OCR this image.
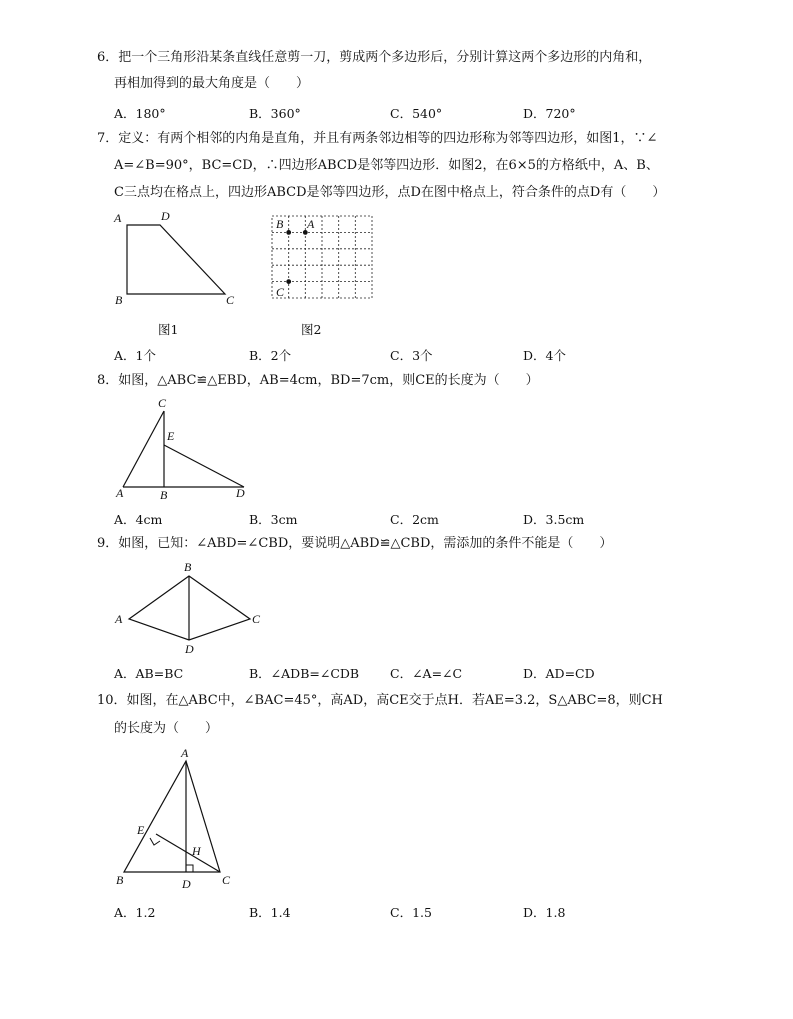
6．把一个三角形沿某条直线任意剪一刀，剪成两个多边形后，分别计算这两个多边形的内角和，
再相加得到的最大角度是（　　）
A．180°	B．360°	C．540°	D．720°
7．定义：有两个相邻的内角是直角，并且有两条邻边相等的四边形称为邻等四边形，如图1，∵∠
A=∠B=90°，BC=CD，∴四边形ABCD是邻等四边形．如图2，在6×5的方格纸中，A、B、
C三点均在格点上，四边形ABCD是邻等四边形，点D在图中格点上，符合条件的点D有（　　）
A	D
B	C
B A
C
图1	图2
A．1个	B．2个	C．3个	D．4个
8．如图，△ABC≌△EBD，AB=4cm，BD=7cm，则CE的长度为（　　）
C
E
A	B	D
A．4cm	B．3cm	C．2cm	D．3.5cm
9．如图，已知：∠ABD=∠CBD，要说明△ABD≌△CBD，需添加的条件不能是（　　）
B
A	C
D
A．AB=BC	B．∠ADB=∠CDB C．∠A=∠C	D．AD=CD
10．如图，在△ABC中，∠BAC=45°，高AD，高CE交于点H．若AE=3.2，S△ABC=8，则CH
的长度为（　　）
A
E
H
B	D	C
A．1.2	B．1.4	C．1.5	D．1.8
